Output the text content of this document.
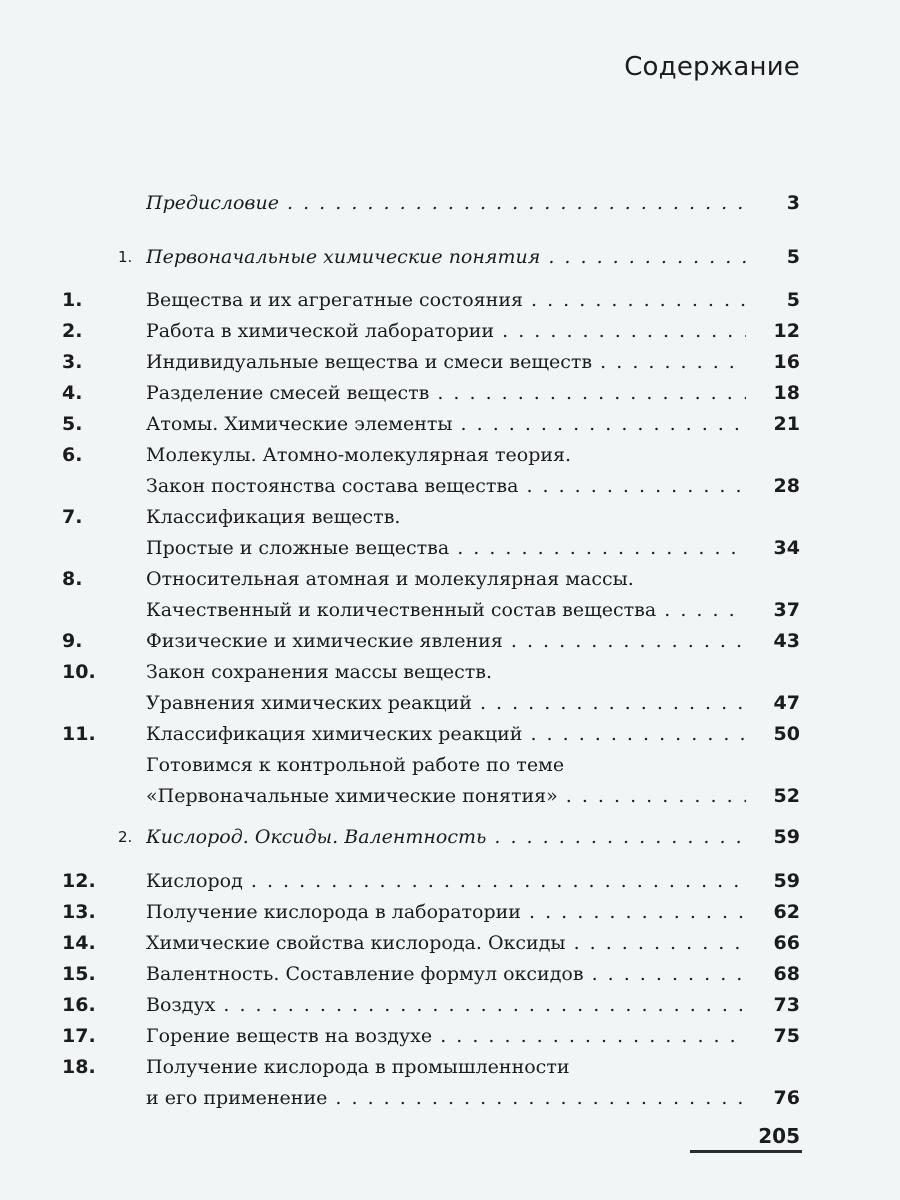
Содержание
Предисловие . . .	3
1. Первоначальные химические понятия . . .	5
1.	Вещества и их агрегатные состояния . . .	5
2.	Работа в химической лаборатории . . .	12
3.	Индивидуальные вещества и смеси веществ . . .	16
4.	Разделение смесей веществ . . .	18
5.	Атомы. Химические элементы . . .	21
6.	Молекулы. Атомно-молекулярная теория.
Закон постоянства состава вещества . . .	28
7.	Классификация веществ.
Простые и сложные вещества . . .	34
8.	Относительная атомная и молекулярная массы.
Качественный и количественный состав вещества . . .	37
9.	Физические и химические явления . . .	43
10.	Закон сохранения массы веществ.
Уравнения химических реакций . . .	47
11.	Классификация химических реакций . . .	50
Готовимся к контрольной работе по теме
«Первоначальные химические понятия» . . .	52
2. Кислород. Оксиды. Валентность . . .	59
12.	Кислород . . .	59
13.	Получение кислорода в лаборатории . . .	62
14.	Химические свойства кислорода. Оксиды . . .	66
15.	Валентность. Составление формул оксидов . . .	68
16.	Воздух . . .	73
17.	Горение веществ на воздухе . . .	75
18.	Получение кислорода в промышленности
и его применение . . .	76
205
